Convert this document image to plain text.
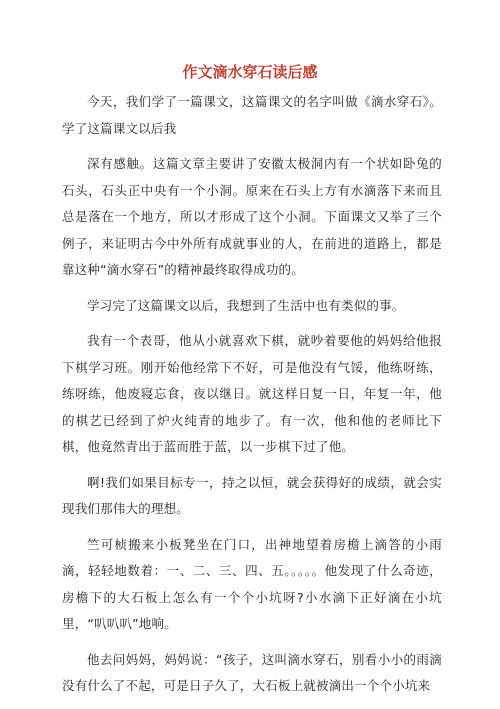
作文滴水穿石读后感

今天，我们学了一篇课文，这篇课文的名字叫做《滴水穿石》。学了这篇课文以后我

深有感触。这篇文章主要讲了安徽太极洞内有一个状如卧兔的石头，石头正中央有一个小洞。原来在石头上方有水滴落下来而且总是落在一个地方，所以才形成了这个小洞。下面课文又举了三个例子，来证明古今中外所有成就事业的人，在前进的道路上，都是靠这种“滴水穿石”的精神最终取得成功的。

学习完了这篇课文以后，我想到了生活中也有类似的事。

我有一个表哥，他从小就喜欢下棋，就吵着要他的妈妈给他报下棋学习班。刚开始他经常下不好，可是他没有气馁，他练呀练，练呀练，他废寝忘食，夜以继日。就这样日复一日，年复一年，他的棋艺已经到了炉火纯青的地步了。有一次，他和他的老师比下棋，他竟然青出于蓝而胜于蓝，以一步棋下过了他。

啊!我们如果目标专一，持之以恒，就会获得好的成绩，就会实现我们那伟大的理想。

竺可桢搬来小板凳坐在门口，出神地望着房檐上滴答的小雨滴，轻轻地数着：一、二、三、四、五。。。。。他发现了什么奇迹，房檐下的大石板上怎么有一个个小坑呀?小水滴下正好滴在小坑里，“叭叭叭”地响。

他去问妈妈，妈妈说：“孩子，这叫滴水穿石，别看小小的雨滴没有什么了不起，可是日子久了，大石板上就被滴出一个个小坑来
